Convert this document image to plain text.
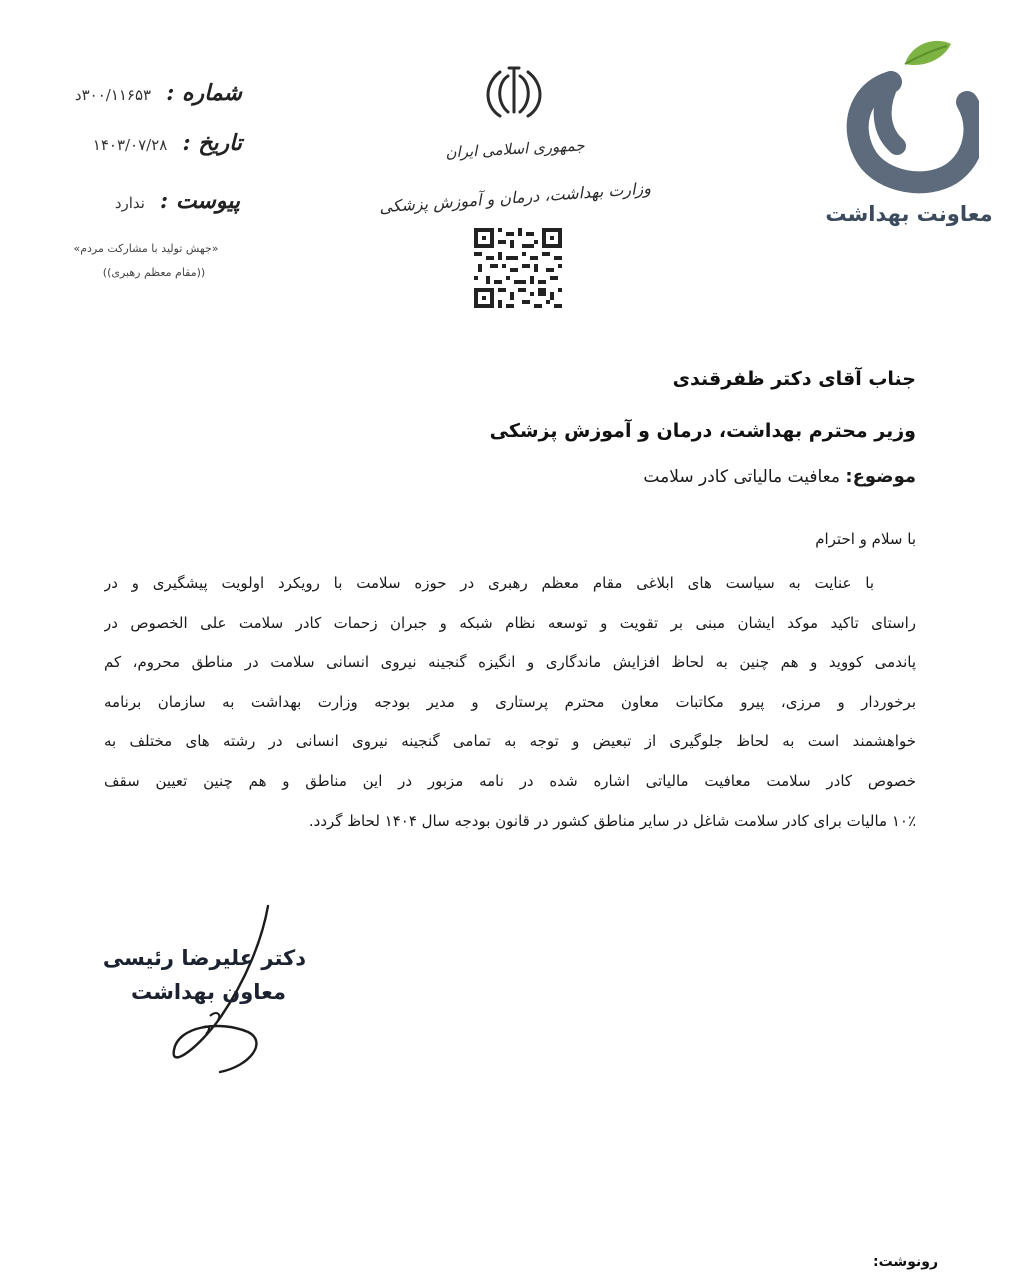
معاونت بهداشت
جمهوری اسلامی ایران
وزارت بهداشت، درمان و آموزش پزشکی
شماره : ۳۰۰/۱۱۶۵۳د
تاریخ : ۱۴۰۳/۰۷/۲۸
پیوست : ندارد
«جهش تولید با مشارکت مردم»
((مقام معظم رهبری))
جناب آقای دکتر ظفرقندی
وزیر محترم بهداشت، درمان و آموزش پزشکی
موضوع: معافیت مالیاتی کادر سلامت
با سلام و احترام
با عنایت به سیاست های ابلاغی مقام معظم رهبری در حوزه سلامت با رویکرد اولویت پیشگیری و در
راستای تاکید موکد ایشان مبنی بر تقویت و توسعه نظام شبکه و جبران زحمات کادر سلامت علی الخصوص در
پاندمی کووید و هم چنین به لحاظ افزایش ماندگاری و انگیزه گنجینه نیروی انسانی سلامت در مناطق محروم، کم
برخوردار و مرزی، پیرو مکاتبات معاون محترم پرستاری و مدیر بودجه وزارت بهداشت به سازمان برنامه
خواهشمند است به لحاظ جلوگیری از تبعیض و توجه به تمامی گنجینه نیروی انسانی در رشته های مختلف به
خصوص کادر سلامت معافیت مالیاتی اشاره شده در نامه مزبور در این مناطق و هم چنین تعیین سقف
۱۰٪ مالیات برای کادر سلامت شاغل در سایر مناطق کشور در قانون بودجه سال ۱۴۰۴ لحاظ گردد.
دکتر علیرضا رئیسی
معاون بهداشت
رونوشت:
